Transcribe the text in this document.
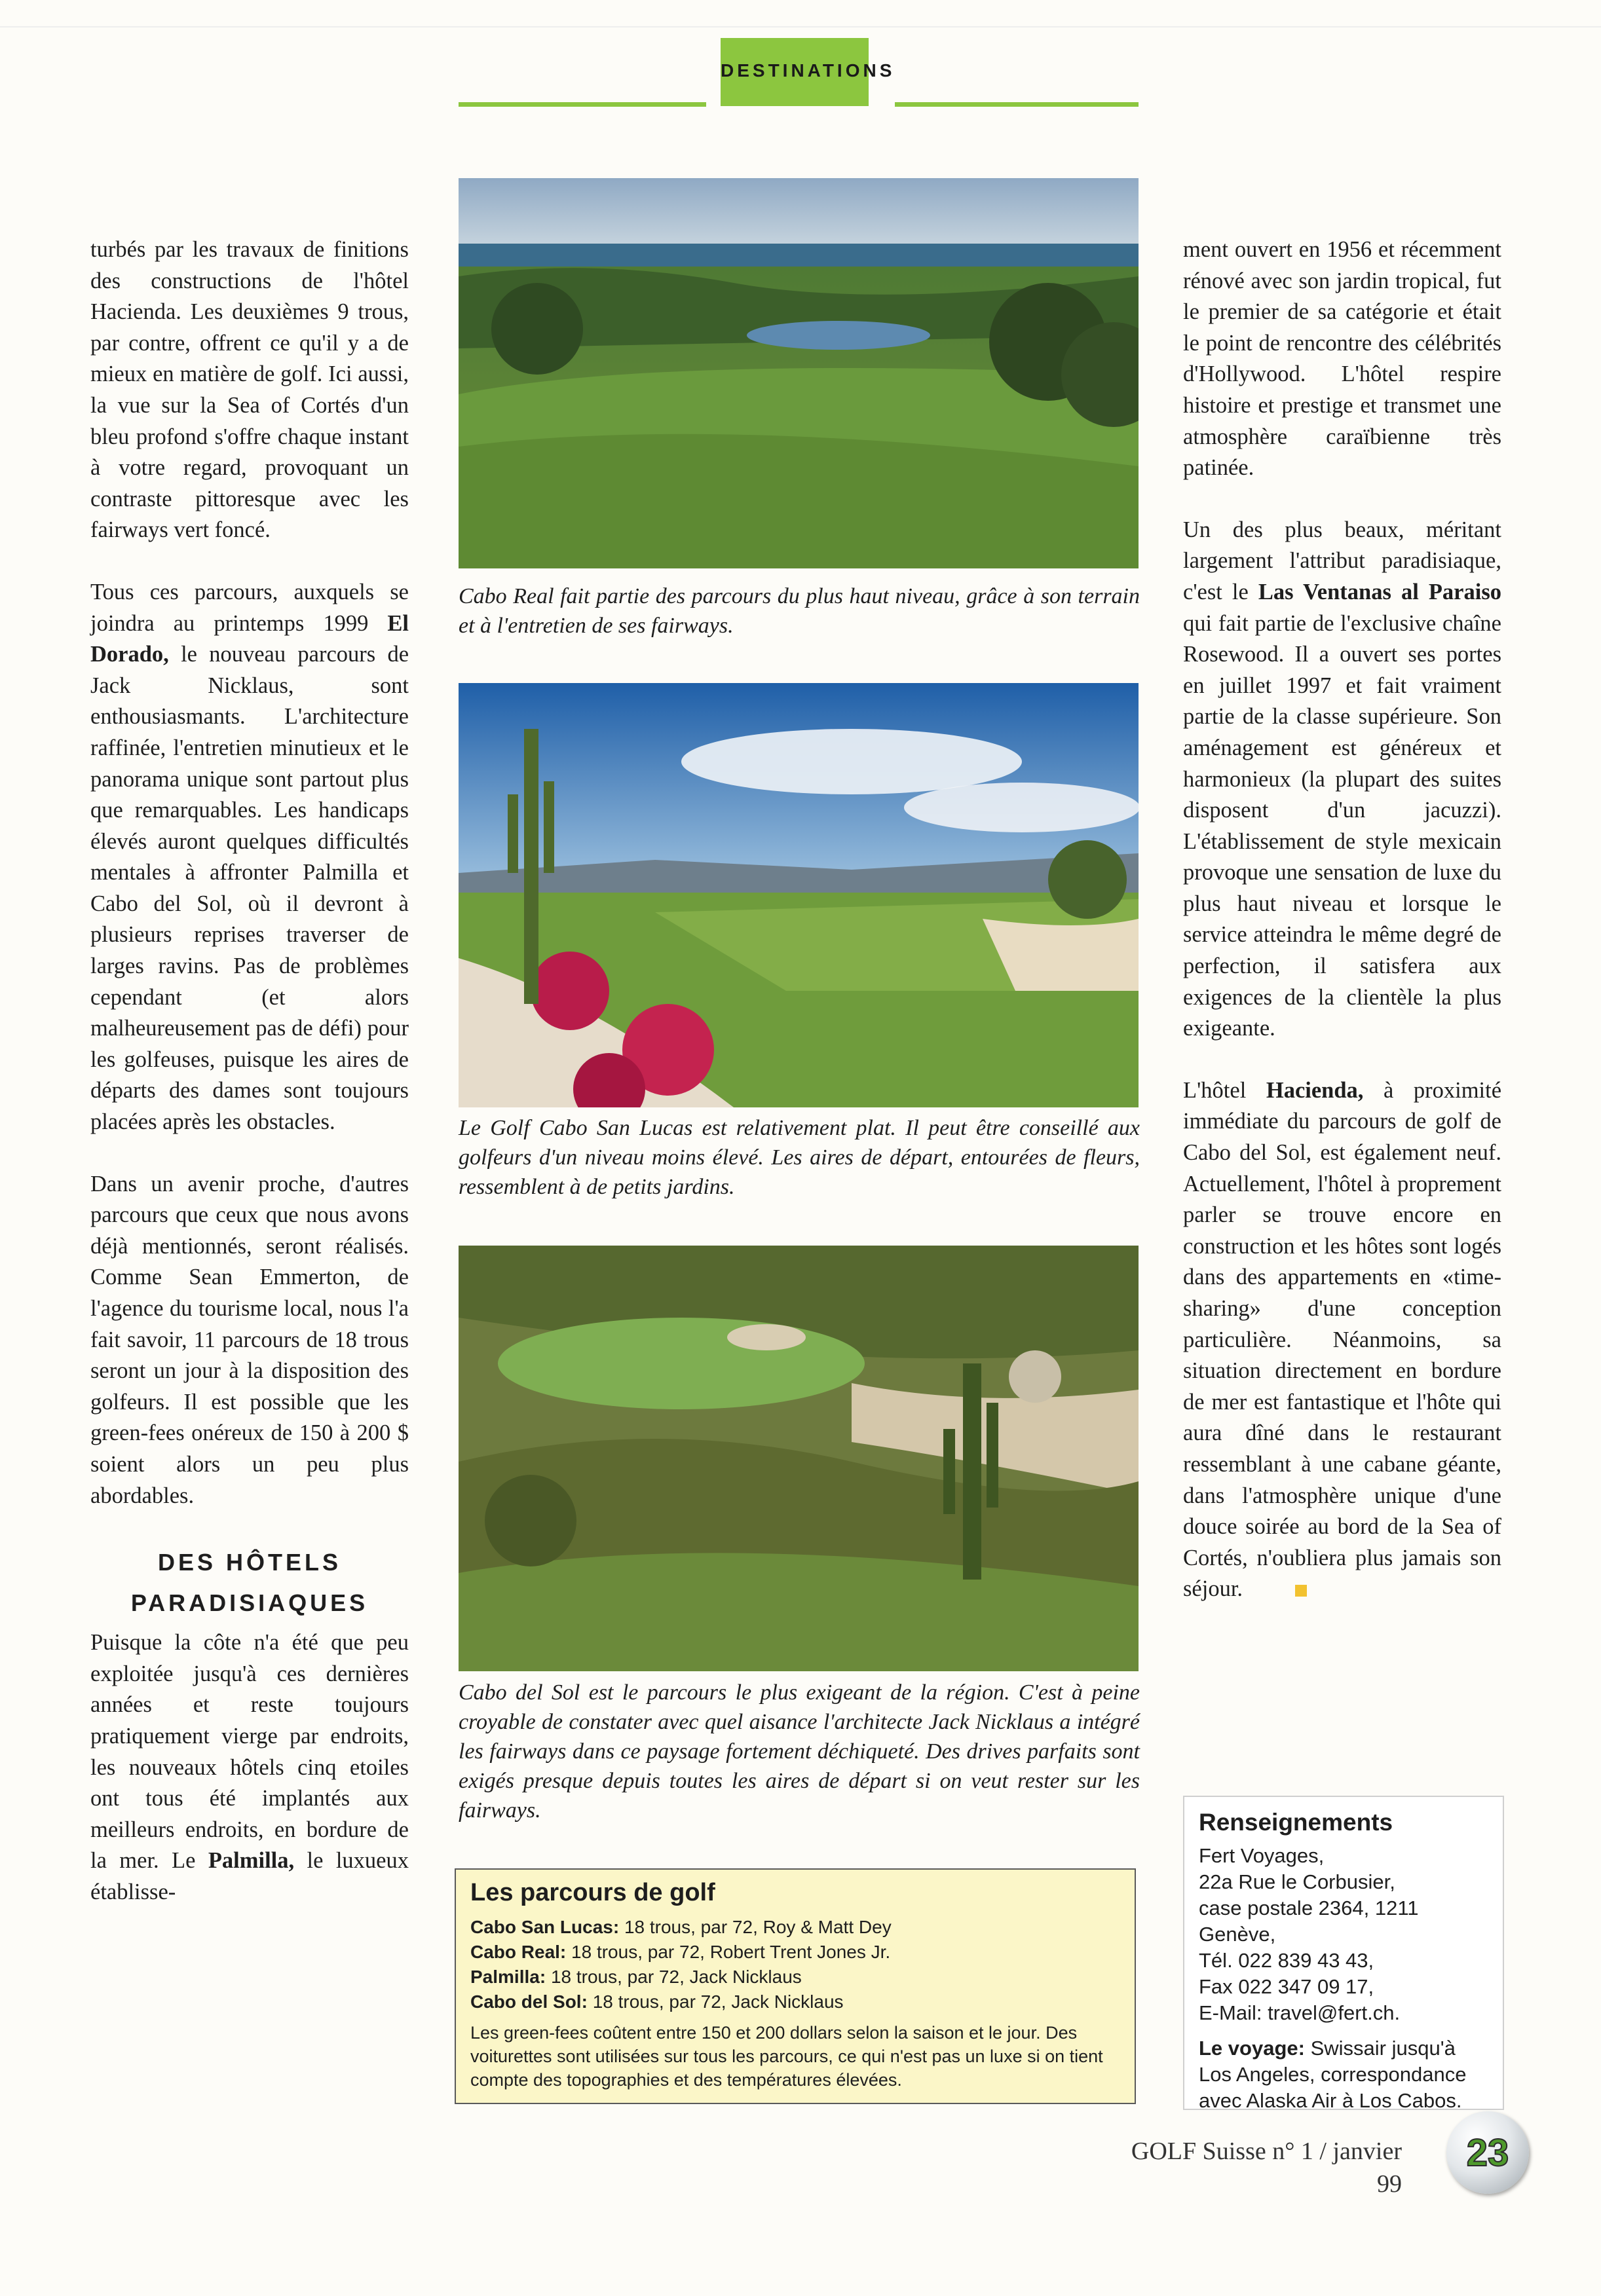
DESTINATIONS

turbés par les travaux de finitions des constructions de l'hôtel Hacienda. Les deuxièmes 9 trous, par contre, offrent ce qu'il y a de mieux en matière de golf. Ici aussi, la vue sur la Sea of Cortés d'un bleu profond s'offre chaque instant à votre regard, provoquant un contraste pittoresque avec les fairways vert foncé.

Tous ces parcours, auxquels se joindra au printemps 1999 El Dorado, le nouveau parcours de Jack Nicklaus, sont enthousiasmants. L'architecture raffinée, l'entretien minutieux et le panorama unique sont partout plus que remarquables. Les handicaps élevés auront quelques difficultés mentales à affronter Palmilla et Cabo del Sol, où il devront à plusieurs reprises traverser de larges ravins. Pas de problèmes cependant (et alors malheureusement pas de défi) pour les golfeuses, puisque les aires de départs des dames sont toujours placées après les obstacles.

Dans un avenir proche, d'autres parcours que ceux que nous avons déjà mentionnés, seront réalisés. Comme Sean Emmerton, de l'agence du tourisme local, nous l'a fait savoir, 11 parcours de 18 trous seront un jour à la disposition des golfeurs. Il est possible que les green-fees onéreux de 150 à 200 $ soient alors un peu plus abordables.

DES HÔTELS
PARADISIAQUES

Puisque la côte n'a été que peu exploitée jusqu'à ces dernières années et reste toujours pratiquement vierge par endroits, les nouveaux hôtels cinq etoiles ont tous été implantés aux meilleurs endroits, en bordure de la mer. Le Palmilla, le luxueux établisse-

Cabo Real fait partie des parcours du plus haut niveau, grâce à son terrain et à l'entretien de ses fairways.
Le Golf Cabo San Lucas est relativement plat. Il peut être conseillé aux golfeurs d'un niveau moins élevé. Les aires de départ, entourées de fleurs, ressemblent à de petits jardins.
Cabo del Sol est le parcours le plus exigeant de la région. C'est à peine croyable de constater avec quel aisance l'architecte Jack Nicklaus a intégré les fairways dans ce paysage fortement déchiqueté. Des drives parfaits sont exigés presque depuis toutes les aires de départ si on veut rester sur les fairways.

ment ouvert en 1956 et récemment rénové avec son jardin tropical, fut le premier de sa catégorie et était le point de rencontre des célébrités d'Hollywood. L'hôtel respire histoire et prestige et transmet une atmosphère caraïbienne très patinée.

Un des plus beaux, méritant largement l'attribut paradisiaque, c'est le Las Ventanas al Paraiso qui fait partie de l'exclusive chaîne Rosewood. Il a ouvert ses portes en juillet 1997 et fait vraiment partie de la classe supérieure. Son aménagement est généreux et harmonieux (la plupart des suites disposent d'un jacuzzi). L'établissement de style mexicain provoque une sensation de luxe du plus haut niveau et lorsque le service atteindra le même degré de perfection, il satisfera aux exigences de la clientèle la plus exigeante.

L'hôtel Hacienda, à proximité immédiate du parcours de golf de Cabo del Sol, est également neuf. Actuellement, l'hôtel à proprement parler se trouve encore en construction et les hôtes sont logés dans des appartements en «time-sharing» d'une conception particulière. Néanmoins, sa situation directement en bordure de mer est fantastique et l'hôte qui aura dîné dans le restaurant ressemblant à une cabane géante, dans l'atmosphère unique d'une douce soirée au bord de la Sea of Cortés, n'oubliera plus jamais son séjour.

Les parcours de golf
Cabo San Lucas: 18 trous, par 72, Roy & Matt Dey
Cabo Real: 18 trous, par 72, Robert Trent Jones Jr.
Palmilla: 18 trous, par 72, Jack Nicklaus
Cabo del Sol: 18 trous, par 72, Jack Nicklaus
Les green-fees coûtent entre 150 et 200 dollars selon la saison et le jour. Des voiturettes sont utilisées sur tous les parcours, ce qui n'est pas un luxe si on tient compte des topographies et des températures élevées.
Renseignements
Fert Voyages,
22a Rue le Corbusier,
case postale 2364, 1211 Genève,
Tél. 022 839 43 43,
Fax 022 347 09 17,
E-Mail: travel@fert.ch.
Le voyage: Swissair jusqu'à Los Angeles, correspondance avec Alaska Air à Los Cabos.
GOLF Suisse n° 1 / janvier 99
23
